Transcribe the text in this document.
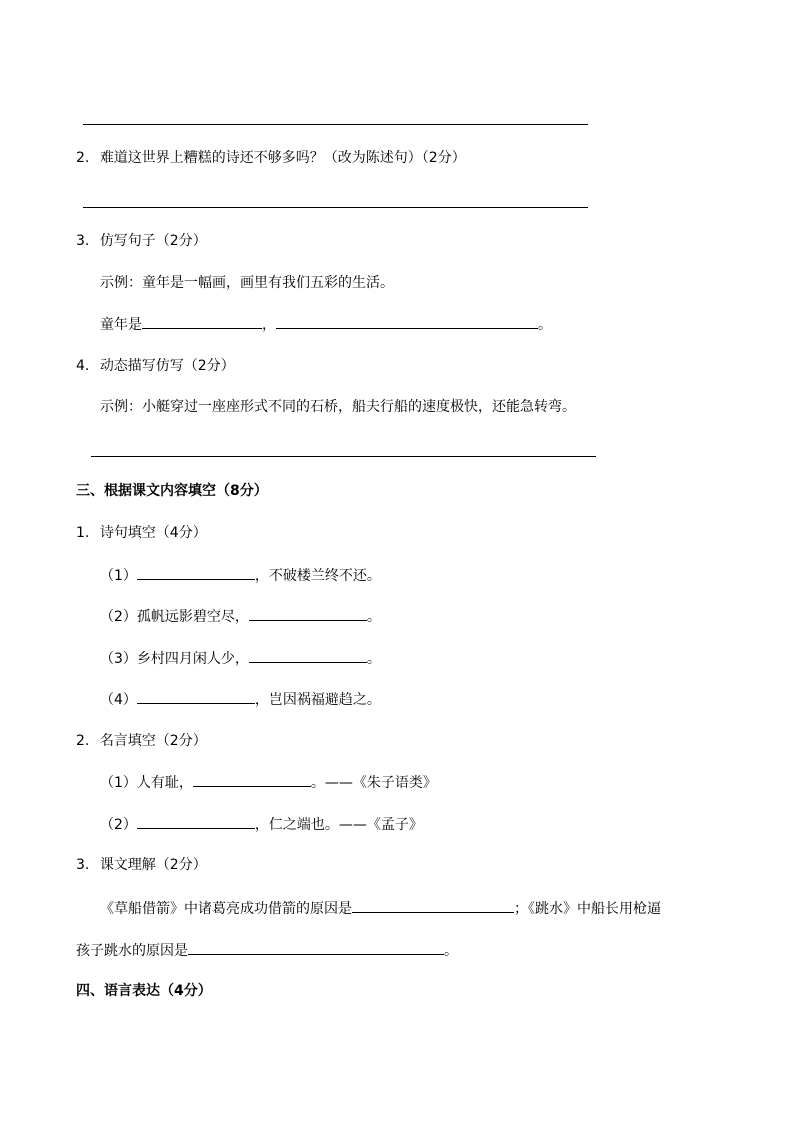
2. 难道这世界上糟糕的诗还不够多吗？（改为陈述句）（2分）
3. 仿写句子（2分）
示例：童年是一幅画，画里有我们五彩的生活。
童年是	，	。
4. 动态描写仿写（2分）
示例：小艇穿过一座座形式不同的石桥，船夫行船的速度极快，还能急转弯。
三、根据课文内容填空（8分）
1. 诗句填空（4分）
（1）	，不破楼兰终不还。
（2）孤帆远影碧空尽，	。
（3）乡村四月闲人少，	。
（4）	，岂因祸福避趋之。
2. 名言填空（2分）
（1）人有耻，	。——《朱子语类》
（2）	，仁之端也。——《孟子》
3. 课文理解（2分）
《草船借箭》中诸葛亮成功借箭的原因是	；《跳水》中船长用枪逼
孩子跳水的原因是	。
四、语言表达（4分）
